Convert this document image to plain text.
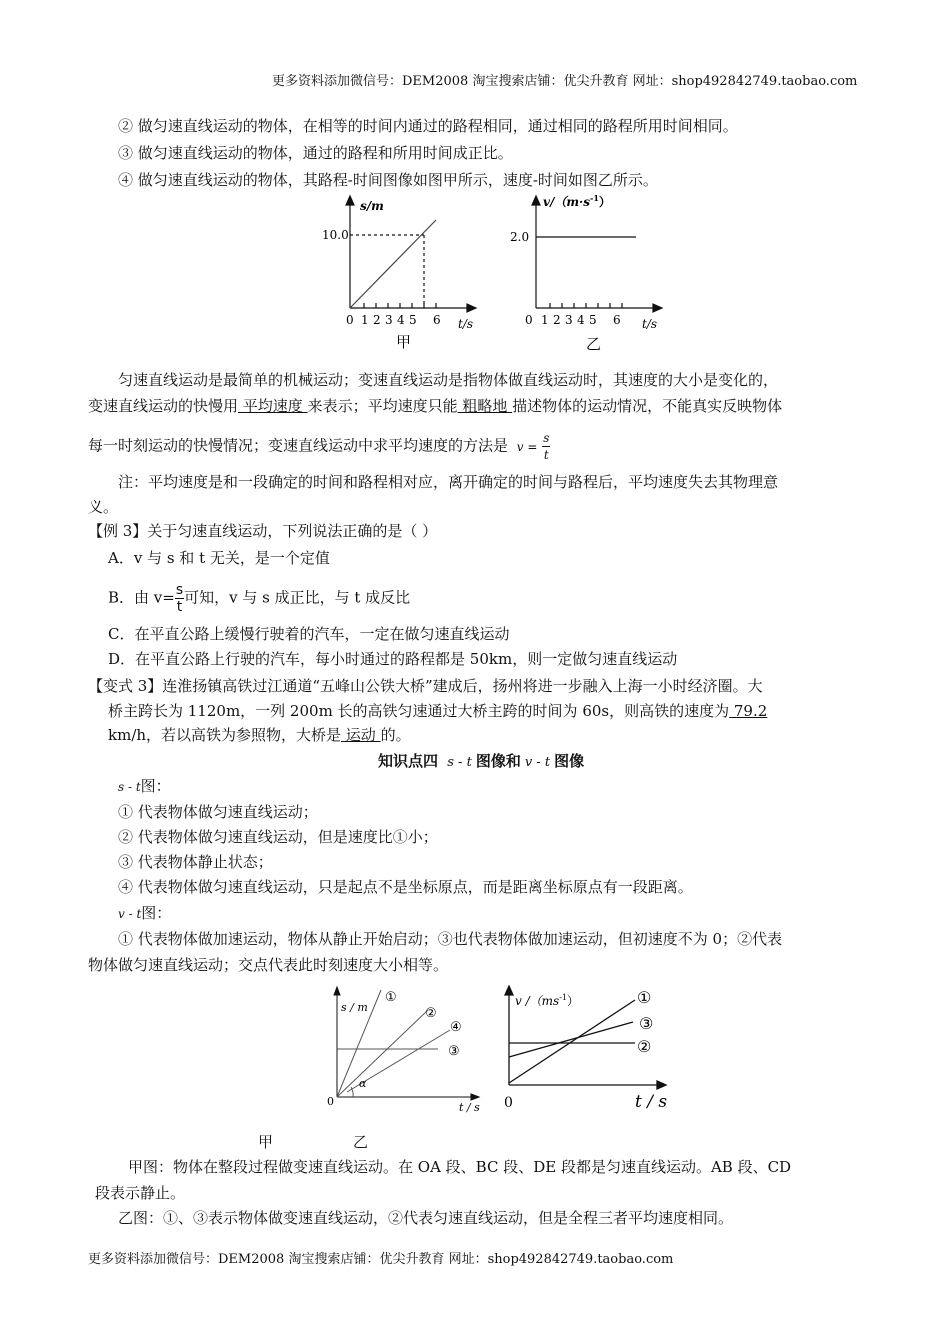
更多资料添加微信号：DEM2008 淘宝搜索店铺：优尖升教育 网址：shop492842749.taobao.com
② 做匀速直线运动的物体，在相等的时间内通过的路程相同，通过相同的路程所用时间相同。
③ 做匀速直线运动的物体，通过的路程和所用时间成正比。
④ 做匀速直线运动的物体，其路程-时间图像如图甲所示，速度-时间如图乙所示。
s/m
10.0
0 1 2 3 4 5 6 t/s
甲
$v/(m\cdot s^{-1})$
2.0
0 1 2 3 4 5 6 t/s
乙
匀速直线运动是最简单的机械运动；变速直线运动是指物体做直线运动时，其速度的大小是变化的，
变速直线运动的快慢用 平均速度 来表示；平均速度只能 粗略地 描述物体的运动情况，不能真实反映物体
每一时刻运动的快慢情况；变速直线运动中求平均速度的方法是 $v = \frac{s}{t}$
注：平均速度是和一段确定的时间和路程相对应，离开确定的时间与路程后，平均速度失去其物理意
义。
【例 3】关于匀速直线运动，下列说法正确的是（ ）
A．v 与 s 和 t 无关，是一个定值
B．由 $v= \frac{s}{t}$ 可知，v 与 s 成正比，与 t 成反比
C．在平直公路上缓慢行驶着的汽车，一定在做匀速直线运动
D．在平直公路上行驶的汽车，每小时通过的路程都是 50km，则一定做匀速直线运动
【变式 3】连淮扬镇高铁过江通道“五峰山公铁大桥”建成后，扬州将进一步融入上海一小时经济圈。大
桥主跨长为 1120m，一列 200m 长的高铁匀速通过大桥主跨的时间为 60s，则高铁的速度为 79.2
km/h，若以高铁为参照物，大桥是 运动 的。
知识点四 s - t 图像和 v - t 图像
s - t图：
① 代表物体做匀速直线运动；
② 代表物体做匀速直线运动，但是速度比①小；
③ 代表物体静止状态；
④ 代表物体做匀速直线运动，只是起点不是坐标原点，而是距离坐标原点有一段距离。
v - t图：
① 代表物体做加速运动，物体从静止开始启动；③也代表物体做加速运动，但初速度不为 0；②代表
物体做匀速直线运动；交点代表此时刻速度大小相等。
s / m
①
②
④
③
α
0	t / s
v $/(ms^{-1})$	①
③
②
0	t / s
甲	乙
甲图：物体在整段过程做变速直线运动。在 OA 段、BC 段、DE 段都是匀速直线运动。AB 段、CD
段表示静止。
乙图：①、③表示物体做变速直线运动，②代表匀速直线运动，但是全程三者平均速度相同。
更多资料添加微信号：DEM2008 淘宝搜索店铺：优尖升教育 网址：shop492842749.taobao.com
